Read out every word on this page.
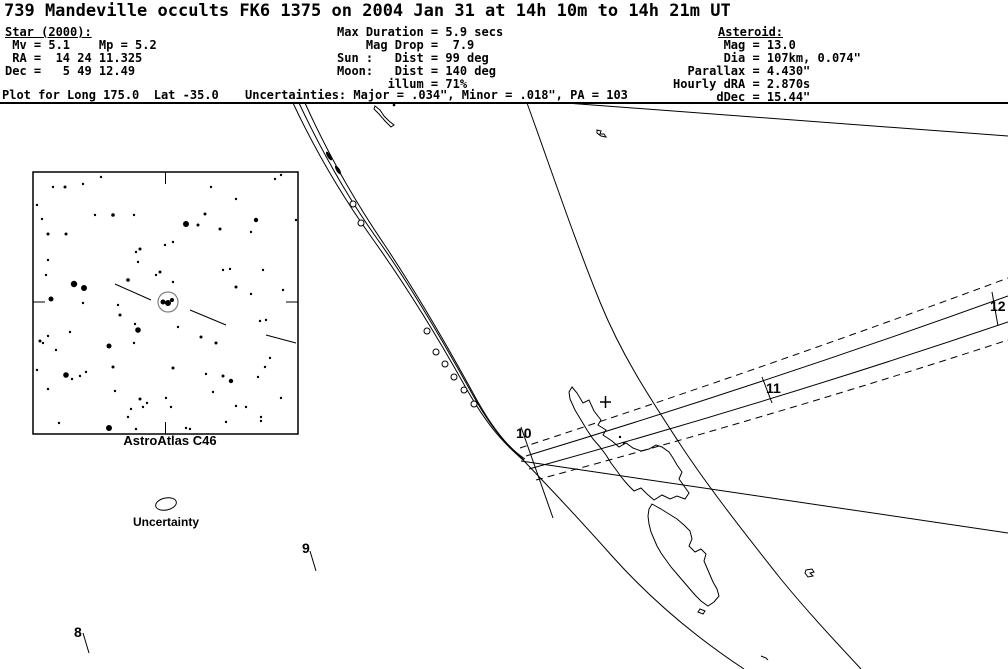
739 Mandeville occults FK6 1375 on 2004 Jan 31 at 14h 10m to 14h 21m UT
Star (2000):
Mv = 5.1    Mp = 5.2
RA =  14 24 11.325
Dec =   5 49 12.49
Max Duration = 5.9 secs
Mag Drop =  7.9
Sun :   Dist = 99 deg
Moon:   Dist = 140 deg
illum = 71%
Asteroid:
Mag = 13.0
Dia = 107km, 0.074"
Parallax = 4.430"
Hourly dRA = 2.870s
dDec = 15.44"
Plot for Long 175.0  Lat -35.0 Uncertainties: Major = .034", Minor = .018", PA = 103
8
9
10
11
12
AstroAtlas C46
Uncertainty
